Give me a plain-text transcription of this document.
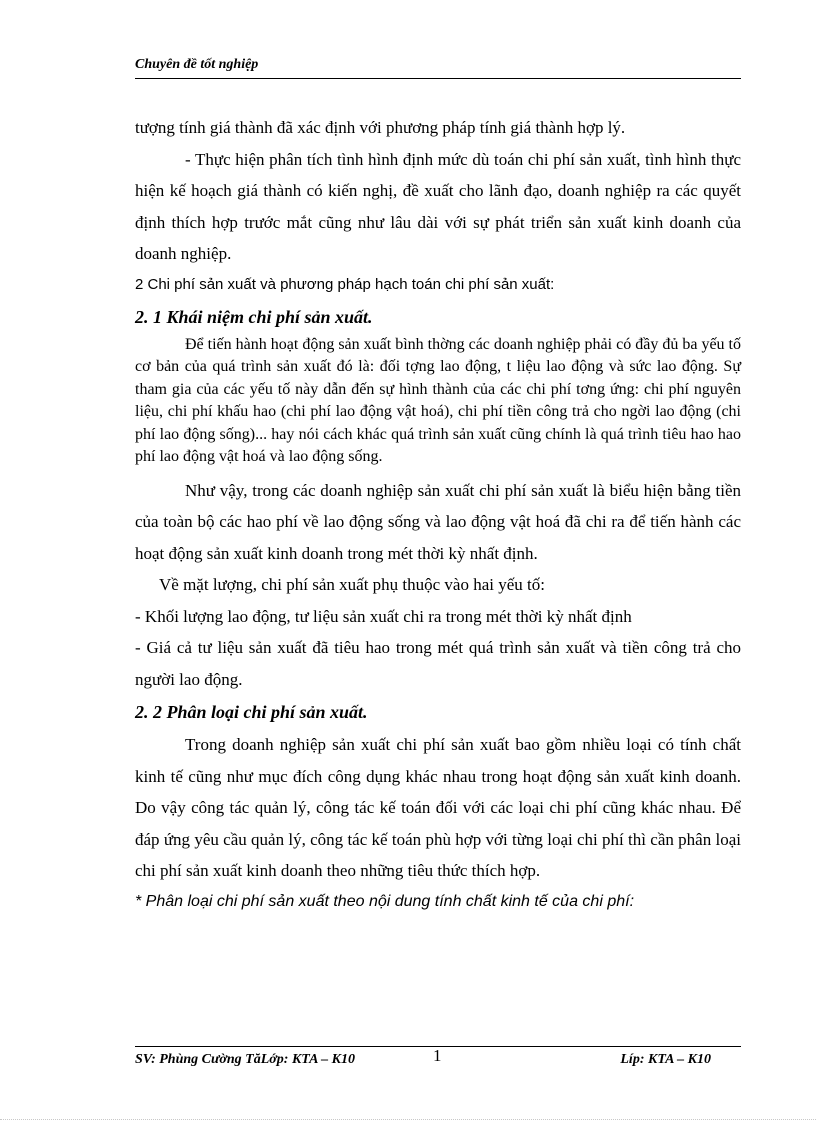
Chuyên đề tốt nghiệp

tượng tính giá thành đã xác định với phương pháp tính giá thành hợp lý.

- Thực hiện phân tích tình hình định mức dù toán chi phí sản xuất, tình hình thực hiện kế hoạch giá thành có kiến nghị, đề xuất cho lãnh đạo, doanh nghiệp ra các quyết định thích hợp trước mắt cũng như lâu dài với sự phát triển sản xuất kinh doanh của doanh nghiệp.

2 Chi phí sản xuất và phương pháp hạch toán chi phí sản xuất:

2. 1 Khái niệm chi phí sản xuất.

Để tiến hành hoạt động sản xuất bình thờng các doanh nghiệp phải có đầy đủ ba yếu tố cơ bản của quá trình sản xuất đó là: đối tợng lao động, t liệu lao động và sức lao động. Sự tham gia của các yếu tố này dẫn đến sự hình thành của các chi phí tơng ứng: chi phí nguyên liệu, chi phí khấu hao (chi phí lao động vật hoá), chi phí tiền công trả cho ngời lao động (chi phí lao động sống)... hay nói cách khác quá trình sản xuất cũng chính là quá trình tiêu hao hao phí lao động vật hoá và lao động sống.

Như vậy, trong các doanh nghiệp sản xuất chi phí sản xuất là biểu hiện bằng tiền của toàn bộ các hao phí về lao động sống và lao động vật hoá đã chi ra để tiến hành các hoạt động sản xuất kinh doanh trong mét thời kỳ nhất định.

Về mặt lượng, chi phí sản xuất phụ thuộc vào hai yếu tố:

- Khối lượng lao động, tư liệu sản xuất chi ra trong mét thời kỳ nhất định

- Giá cả tư liệu sản xuất đã tiêu hao trong mét quá trình sản xuất và tiền công trả cho người lao động.

2. 2 Phân loại chi phí sản xuất.

Trong doanh nghiệp sản xuất chi phí sản xuất bao gồm nhiều loại có tính chất kinh tế cũng như mục đích công dụng khác nhau trong hoạt động sản xuất kinh doanh. Do vậy công tác quản lý, công tác kế toán đối với các loại chi phí cũng khác nhau. Để đáp ứng yêu cầu quản lý, công tác kế toán phù hợp với từng loại chi phí thì cần phân loại chi phí sản xuất kinh doanh theo những tiêu thức thích hợp.

* Phân loại chi phí sản xuất theo nội dung tính chất kinh tế của chi phí:

SV: Phùng Cường TăLớp: KTA – K10	1	Líp: KTA – K10
